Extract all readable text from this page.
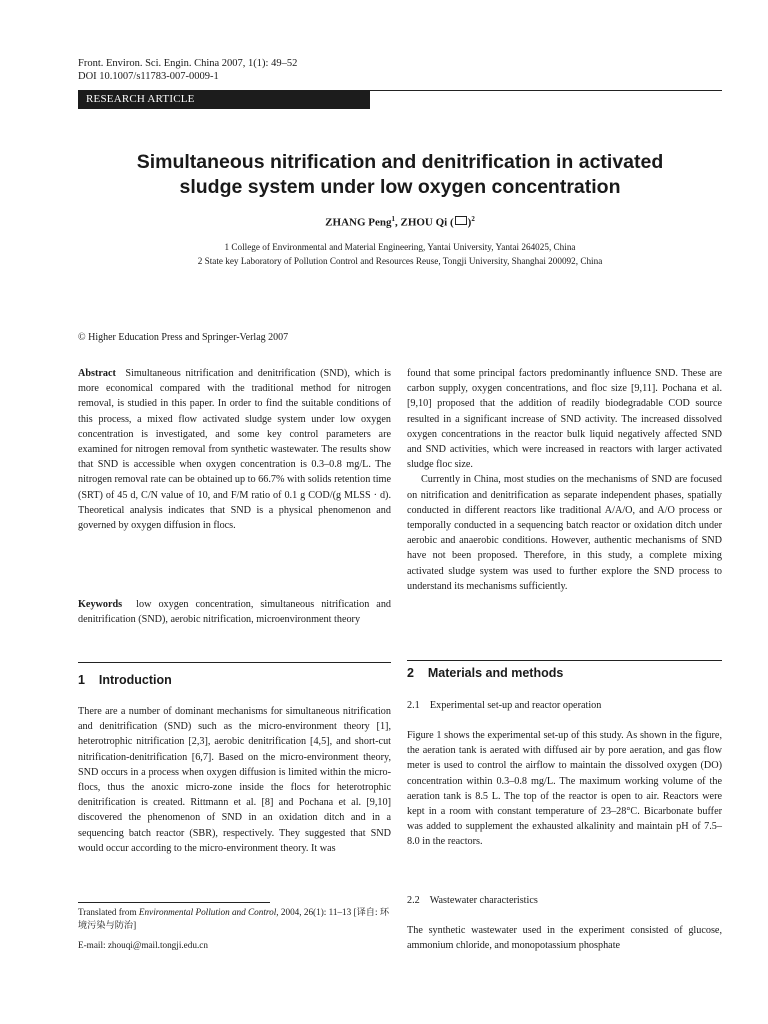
Front. Environ. Sci. Engin. China 2007, 1(1): 49–52
DOI 10.1007/s11783-007-0009-1
RESEARCH ARTICLE
Simultaneous nitrification and denitrification in activated
sludge system under low oxygen concentration
ZHANG Peng$^1$, ZHOU Qi ( )$^2$
1 College of Environmental and Material Engineering, Yantai University, Yantai 264025, China
2 State key Laboratory of Pollution Control and Resources Reuse, Tongji University, Shanghai 200092, China
© Higher Education Press and Springer-Verlag 2007

Abstract Simultaneous nitrification and denitrification (SND), which is more economical compared with the traditional method for nitrogen removal, is studied in this paper. In order to find the suitable conditions of this process, a mixed flow activated sludge system under low oxygen concentration is investigated, and some key control parameters are examined for nitrogen removal from synthetic wastewater. The results show that SND is accessible when oxygen concentration is 0.3–0.8 mg/L. The nitrogen removal rate can be obtained up to 66.7% with solids retention time (SRT) of 45 d, C/N value of 10, and F/M ratio of 0.1 g COD/(g MLSS · d). Theoretical analysis indicates that SND is a physical phenomenon and governed by oxygen diffusion in flocs.

Keywords low oxygen concentration, simultaneous nitrification and denitrification (SND), aerobic nitrification, microenvironment theory

1 Introduction

There are a number of dominant mechanisms for simultaneous nitrification and denitrification (SND) such as the micro-environment theory [1], heterotrophic nitrification [2,3], aerobic denitrification [4,5], and short-cut nitrification-denitrification [6,7]. Based on the micro-environment theory, SND occurs in a process when oxygen diffusion is limited within the micro-flocs, thus the anoxic micro-zone inside the flocs for heterotrophic denitrification is created. Rittmann et al. [8] and Pochana et al. [9,10] discovered the phenomenon of SND in an oxidation ditch and in a sequencing batch reactor (SBR), respectively. They suggested that SND would occur according to the micro-environment theory. It was

Translated from Environmental Pollution and Control, 2004, 26(1): 11–13 [译自: 环境污染与防治]
E-mail: zhouqi@mail.tongji.edu.cn

found that some principal factors predominantly influence SND. These are carbon supply, oxygen concentrations, and floc size [9,11]. Pochana et al. [9,10] proposed that the addition of readily biodegradable COD source resulted in a significant increase of SND activity. The increased dissolved oxygen concentrations in the reactor bulk liquid negatively affected SND and SND activities, which were increased in reactors with larger activated sludge floc size.

Currently in China, most studies on the mechanisms of SND are focused on nitrification and denitrification as separate independent phases, spatially conducted in different reactors like traditional A/A/O, and A/O process or temporally conducted in a sequencing batch reactor or oxidation ditch under aerobic and anaerobic conditions. However, authentic mechanisms of SND have not been proposed. Therefore, in this study, a complete mixing activated sludge system was used to further explore the SND process to understand its mechanisms sufficiently.

2 Materials and methods
2.1    Experimental set-up and reactor operation

Figure 1 shows the experimental set-up of this study. As shown in the figure, the aeration tank is aerated with diffused air by pore aeration, and gas flow meter is used to control the airflow to maintain the dissolved oxygen (DO) concentration within 0.3–0.8 mg/L. The maximum working volume of the aeration tank is 8.5 L. The top of the reactor is open to air. Reactors were kept in a room with constant temperature of 23–28°C. Bicarbonate buffer was added to supplement the exhausted alkalinity and maintain pH of 7.5–8.0 in the reactors.

2.2    Wastewater characteristics

The synthetic wastewater used in the experiment consisted of glucose, ammonium chloride, and monopotassium phosphate
